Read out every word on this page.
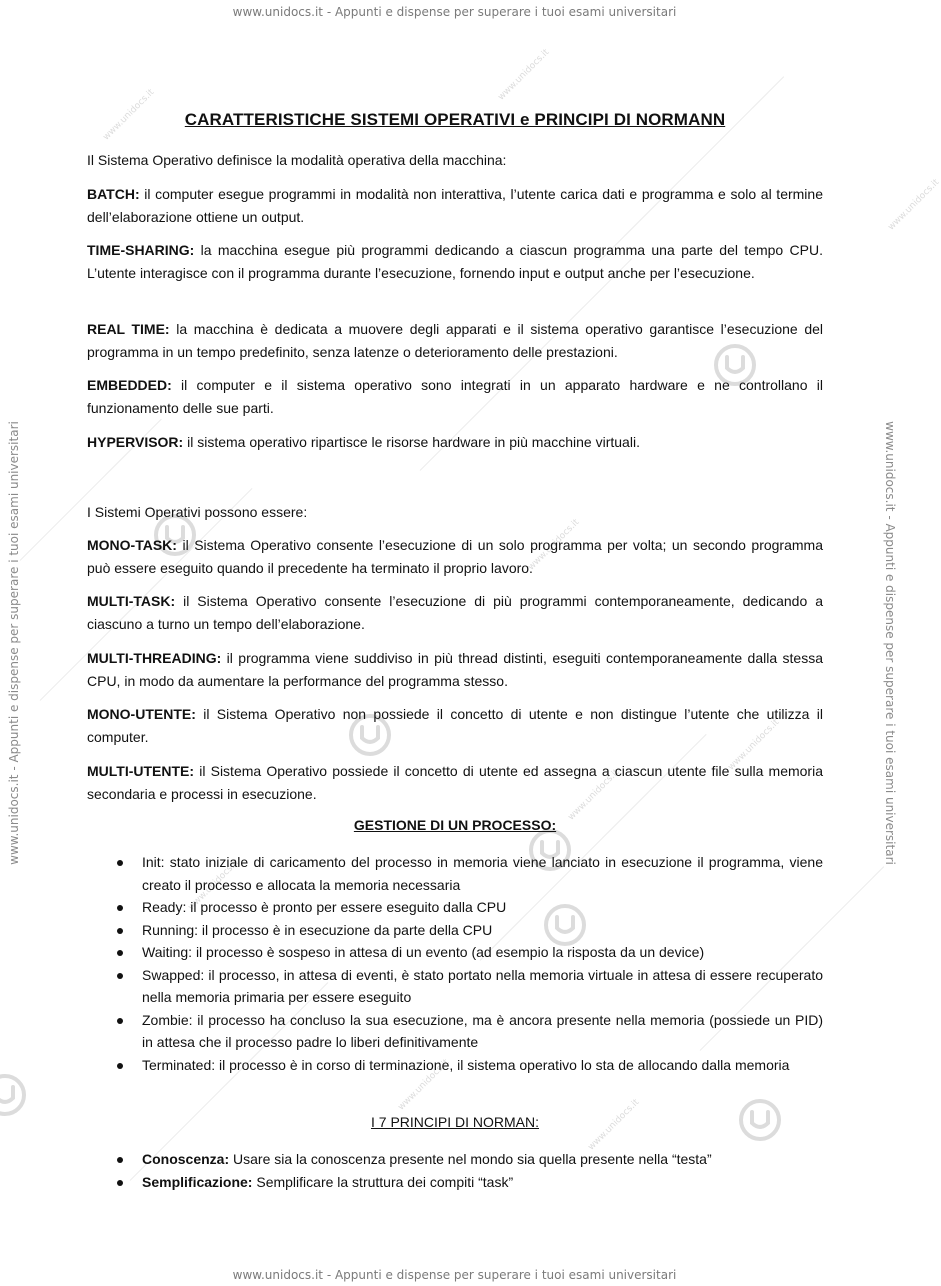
www.unidocs.it - Appunti e dispense per superare i tuoi esami universitari
www.unidocs.it - Appunti e dispense per superare i tuoi esami universitari
www.unidocs.it - Appunti e dispense per superare i tuoi esami universitari	www.unidocs.it - Appunti e dispense per superare i tuoi esami universitari
www.unidocs.it
www.unidocs.it
www.unidocs.it
www.unidocs.it
www.unidocs.it
www.unidocs.it
www.unidocs.it
www.unidocs.it
www.unidocs.it
CARATTERISTICHE SISTEMI OPERATIVI e PRINCIPI DI NORMANN
Il Sistema Operativo definisce la modalità operativa della macchina:
BATCH: il computer esegue programmi in modalità non interattiva, l’utente carica dati e programma e solo al termine dell’elaborazione ottiene un output.
TIME-SHARING: la macchina esegue più programmi dedicando a ciascun programma una parte del tempo CPU. L’utente interagisce con il programma durante l’esecuzione, fornendo input e output anche per l’esecuzione.
REAL TIME: la macchina è dedicata a muovere degli apparati e il sistema operativo garantisce l’esecuzione del programma in un tempo predefinito, senza latenze o deterioramento delle prestazioni.
EMBEDDED: il computer e il sistema operativo sono integrati in un apparato hardware e ne controllano il funzionamento delle sue parti.
HYPERVISOR: il sistema operativo ripartisce le risorse hardware in più macchine virtuali.
I Sistemi Operativi possono essere:
MONO-TASK: il Sistema Operativo consente l’esecuzione di un solo programma per volta; un secondo programma può essere eseguito quando il precedente ha terminato il proprio lavoro.
MULTI-TASK: il Sistema Operativo consente l’esecuzione di più programmi contemporaneamente, dedicando a ciascuno a turno un tempo dell’elaborazione.
MULTI-THREADING: il programma viene suddiviso in più thread distinti, eseguiti contemporaneamente dalla stessa CPU, in modo da aumentare la performance del programma stesso.
MONO-UTENTE: il Sistema Operativo non possiede il concetto di utente e non distingue l’utente che utilizza il computer.
MULTI-UTENTE: il Sistema Operativo possiede il concetto di utente ed assegna a ciascun utente file sulla memoria secondaria e processi in esecuzione.
GESTIONE DI UN PROCESSO:
Init: stato iniziale di caricamento del processo in memoria viene lanciato in esecuzione il programma, viene creato il processo e allocata la memoria necessaria
Ready: il processo è pronto per essere eseguito dalla CPU
Running: il processo è in esecuzione da parte della CPU
Waiting: il processo è sospeso in attesa di un evento (ad esempio la risposta da un device)
Swapped: il processo, in attesa di eventi, è stato portato nella memoria virtuale in attesa di essere recuperato nella memoria primaria per essere eseguito
Zombie: il processo ha concluso la sua esecuzione, ma è ancora presente nella memoria (possiede un PID) in attesa che il processo padre lo liberi definitivamente
Terminated: il processo è in corso di terminazione, il sistema operativo lo sta de allocando dalla memoria
I 7 PRINCIPI DI NORMAN:
Conoscenza: Usare sia la conoscenza presente nel mondo sia quella presente nella “testa”
Semplificazione: Semplificare la struttura dei compiti “task”
